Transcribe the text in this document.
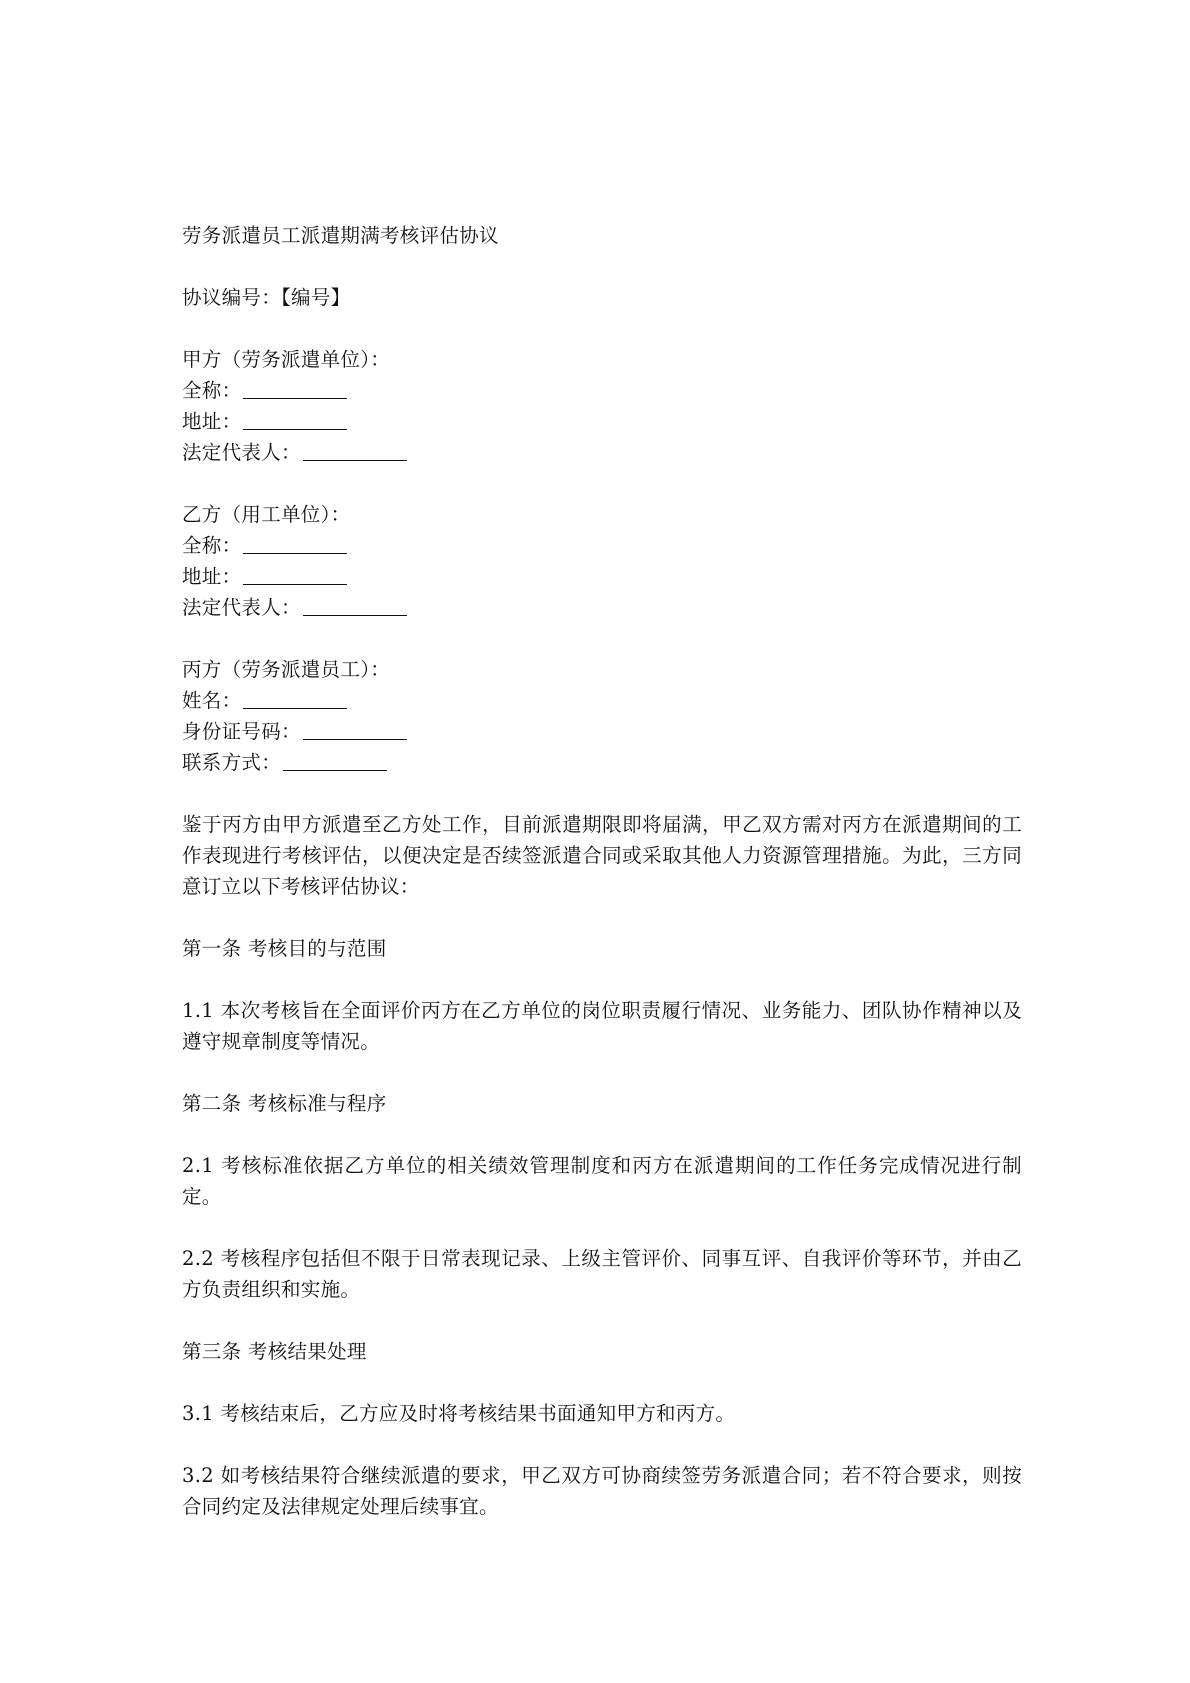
劳务派遣员工派遣期满考核评估协议

协议编号：【编号】

甲方（劳务派遣单位）：

全称：

地址：

法定代表人：

乙方（用工单位）：

全称：

地址：

法定代表人：

丙方（劳务派遣员工）：

姓名：

身份证号码：

联系方式：

鉴于丙方由甲方派遣至乙方处工作，目前派遣期限即将届满，甲乙双方需对丙方在派遣期间的工作表现进行考核评估，以便决定是否续签派遣合同或采取其他人力资源管理措施。为此，三方同意订立以下考核评估协议：

第一条 考核目的与范围

1.1 本次考核旨在全面评价丙方在乙方单位的岗位职责履行情况、业务能力、团队协作精神以及遵守规章制度等情况。

第二条 考核标准与程序

2.1 考核标准依据乙方单位的相关绩效管理制度和丙方在派遣期间的工作任务完成情况进行制定。

2.2 考核程序包括但不限于日常表现记录、上级主管评价、同事互评、自我评价等环节，并由乙方负责组织和实施。

第三条 考核结果处理

3.1 考核结束后，乙方应及时将考核结果书面通知甲方和丙方。

3.2 如考核结果符合继续派遣的要求，甲乙双方可协商续签劳务派遣合同；若不符合要求，则按合同约定及法律规定处理后续事宜。
